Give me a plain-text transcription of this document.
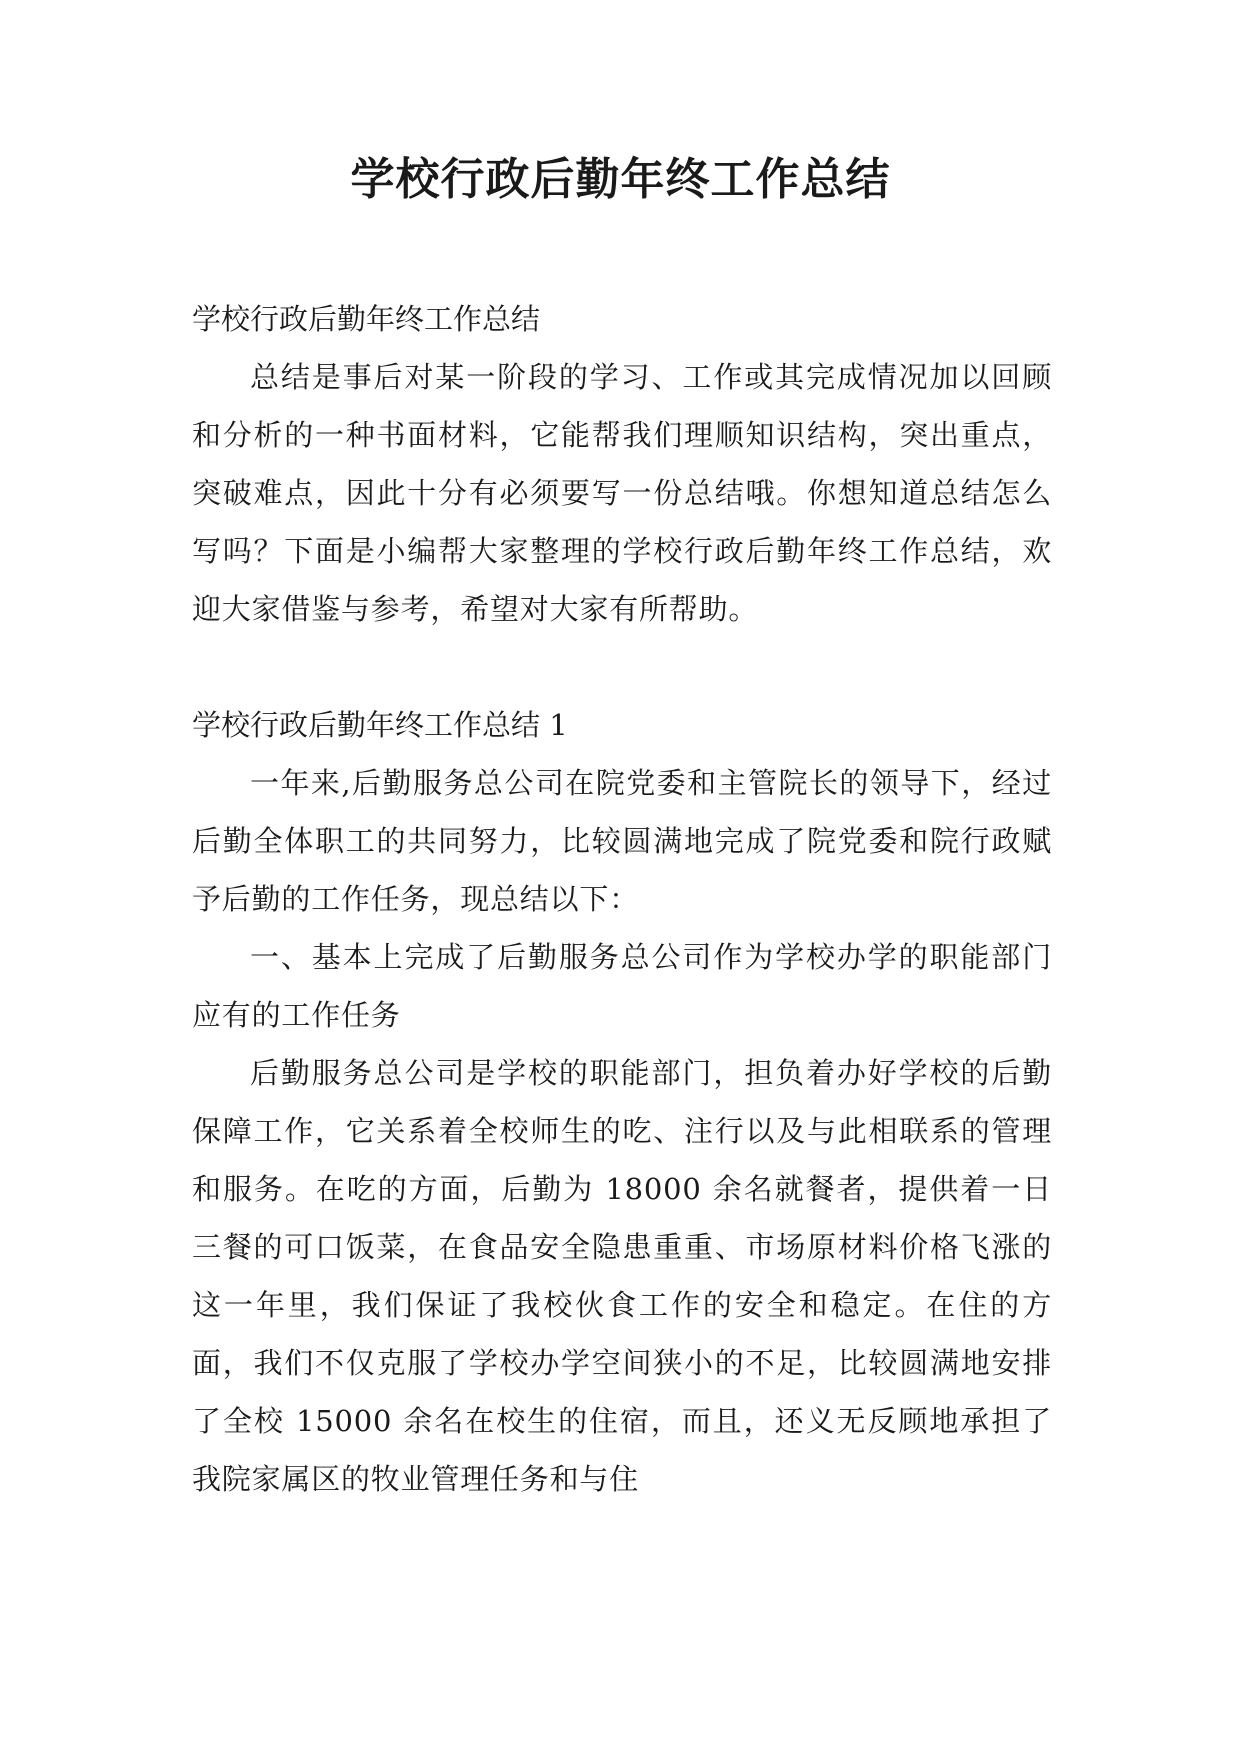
学校行政后勤年终工作总结

学校行政后勤年终工作总结

总结是事后对某一阶段的学习、工作或其完成情况加以回顾和分析的一种书面材料，它能帮我们理顺知识结构，突出重点，突破难点，因此十分有必须要写一份总结哦。你想知道总结怎么写吗？下面是小编帮大家整理的学校行政后勤年终工作总结，欢迎大家借鉴与参考，希望对大家有所帮助。

学校行政后勤年终工作总结 1

一年来,后勤服务总公司在院党委和主管院长的领导下，经过后勤全体职工的共同努力，比较圆满地完成了院党委和院行政赋予后勤的工作任务，现总结以下：

一、基本上完成了后勤服务总公司作为学校办学的职能部门应有的工作任务

后勤服务总公司是学校的职能部门，担负着办好学校的后勤保障工作，它关系着全校师生的吃、注行以及与此相联系的管理和服务。在吃的方面，后勤为 18000 余名就餐者，提供着一日三餐的可口饭菜，在食品安全隐患重重、市场原材料价格飞涨的这一年里，我们保证了我校伙食工作的安全和稳定。在住的方面，我们不仅克服了学校办学空间狭小的不足，比较圆满地安排了全校 15000 余名在校生的住宿，而且，还义无反顾地承担了我院家属区的牧业管理任务和与住
